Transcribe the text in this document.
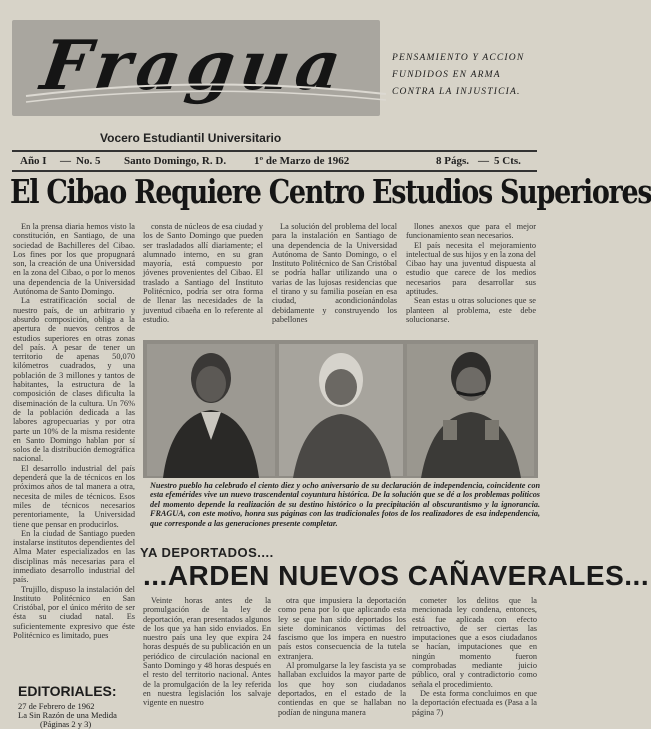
Fragua	PENSAMIENTO Y ACCION
FUNDIDOS EN ARMA
CONTRA LA INJUSTICIA.
Vocero Estudiantil Universitario
Año I — No. 5 Santo Domingo, R. D.	1º de Marzo de 1962	8 Págs. — 5 Cts.
El Cibao Requiere Centro Estudios Superiores

En la prensa diaria hemos visto la constitución, en Santiago, de una sociedad de Bachilleres del Cibao. Los fines por los que propugnará son, la creación de una Universidad en la zona del Cibao, o por lo menos una dependencia de la Universidad Autónoma de Santo Domingo.

La estratificación social de nuestro país, de un arbitrario y absurdo composición, obliga a la apertura de nuevos centros de estudios superiores en otras zonas del país. A pesar de tener un territorio de apenas 50,070 kilómetros cuadrados, y una población de 3 millones y tantos de habitantes, la estructura de la composición de clases dificulta la diseminación de la cultura. Un 76% de la población dedicada a las labores agropecuarias y por otra parte un 10% de la misma residente en Santo Domingo hablan por sí solos de la distribución demográfica nacional.

El desarrollo industrial del país dependerá que la de técnicos en los próximos años de tal manera a otra, necesita de miles de técnicos. Esos miles de técnicos necesarios perentoriamente, la Universidad tiene que pensar en producirlos.

En la ciudad de Santiago pueden instalarse institutos dependientes del Alma Mater especializados en las disciplinas más necesarias para el inmediato desarrollo industrial del país.

Trujillo, dispuso la instalación del Instituto Politécnico en San Cristóbal, por el único mérito de ser ésta su ciudad natal. Es suficientemente expresivo que éste Politécnico es limitado, pues

consta de núcleos de esa ciudad y los de Santo Domingo que pueden ser trasladados allí diariamente; el alumnado interno, en su gran mayoría, está compuesto por jóvenes provenientes del Cibao. El traslado a Santiago del Instituto Politécnico, podría ser otra forma de llenar las necesidades de la juventud cibaeña en lo referente al estudio.

La solución del problema del local para la instalación en Santiago de una dependencia de la Universidad Autónoma de Santo Domingo, o el Instituto Politécnico de San Cristóbal se podría hallar utilizando una o varias de las lujosas residencias que el tirano y su familia poseían en esa ciudad, acondicionándolas debidamente y construyendo los pabellones

llones anexos que para el mejor funcionamiento sean necesarios.

El país necesita el mejoramiento intelectual de sus hijos y en la zona del Cibao hay una juventud dispuesta al estudio que carece de los medios necesarios para desarrollar sus aptitudes.

Sean estas u otras soluciones que se planteen al problema, este debe solucionarse.

Nuestro pueblo ha celebrado el ciento diez y ocho aniversario de su declaración de independencia, coincidente con esta efemérides vive un nuevo trascendental coyuntura histórica. De la solución que se dé a los problemas políticos del momento depende la realización de su destino histórico o la precipitación al obscurantismo y la ignorancia. FRAGUA, con este motivo, honra sus páginas con las tradicionales fotos de los realizadores de esa independencia, que corresponde a las generaciones presente completar.
YA DEPORTADOS....
...ARDEN NUEVOS CAÑAVERALES...

Veinte horas antes de la promulgación de la ley de deportación, eran presentados algunos de los que ya han sido enviados. En nuestro país una ley que expira 24 horas después de su publicación en un periódico de circulación nacional en Santo Domingo y 48 horas después en el resto del territorio nacional. Antes de la promulgación de la ley referida en nuestra legislación los salvaje vigente en nuestro

otra que impusiera la deportación como pena por lo que aplicando esta ley se que han sido deportados los siete dominicanos víctimas del fascismo que los impera en nuestro país estos consecuencia de la tutela extranjera.

Al promulgarse la ley fascista ya se hallaban excluidos la mayor parte de los que hoy son ciudadanos deportados, en el estado de la contiendas en que se hallaban no podían de ninguna manera

cometer los delitos que la mencionada ley condena, entonces, está fue aplicada con efecto retroactivo, de ser ciertas las imputaciones que a esos ciudadanos se hacían, imputaciones que en ningún momento fueron comprobadas mediante juicio público, oral y contradictorio como señala el procedimiento.

De esta forma concluimos en que la deportación efectuada es (Pasa a la página 7)

EDITORIALES:
27 de Febrero de 1962
La Sin Razón de una Medida
(Páginas 2 y 3)
